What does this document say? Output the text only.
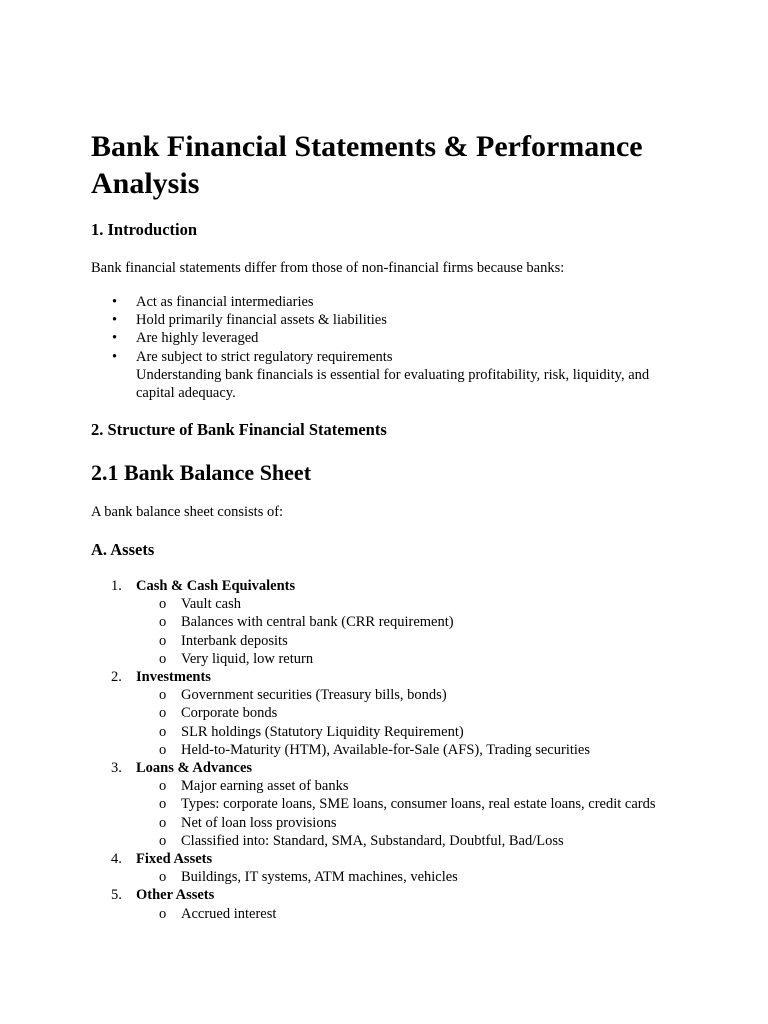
Bank Financial Statements & Performance Analysis

1. Introduction

Bank financial statements differ from those of non-financial firms because banks:

• Act as financial intermediaries
• Hold primarily financial assets & liabilities
• Are highly leveraged
• Are subject to strict regulatory requirements
Understanding bank financials is essential for evaluating profitability, risk, liquidity, and capital adequacy.

2. Structure of Bank Financial Statements

2.1 Bank Balance Sheet

A bank balance sheet consists of:

A. Assets

1. Cash & Cash Equivalents
o Vault cash
o Balances with central bank (CRR requirement)
o Interbank deposits
o Very liquid, low return
2. Investments
o Government securities (Treasury bills, bonds)
o Corporate bonds
o SLR holdings (Statutory Liquidity Requirement)
o Held-to-Maturity (HTM), Available-for-Sale (AFS), Trading securities
3. Loans & Advances
o Major earning asset of banks
o Types: corporate loans, SME loans, consumer loans, real estate loans, credit cards
o Net of loan loss provisions
o Classified into: Standard, SMA, Substandard, Doubtful, Bad/Loss
4. Fixed Assets
o Buildings, IT systems, ATM machines, vehicles
5. Other Assets
o Accrued interest
